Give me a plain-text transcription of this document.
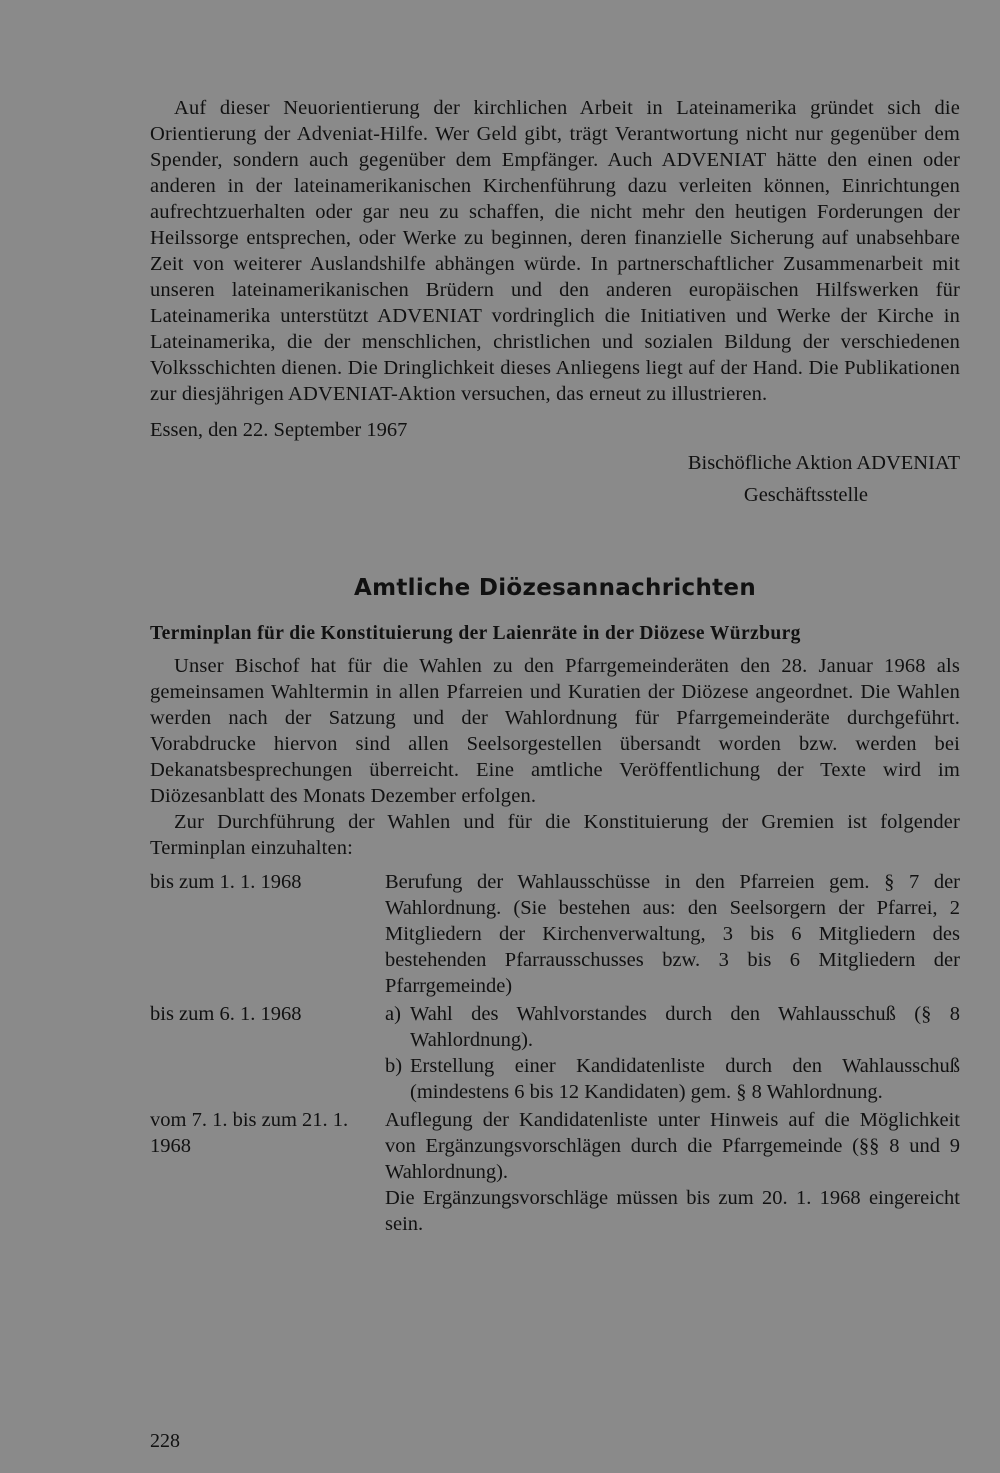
Auf dieser Neuorientierung der kirchlichen Arbeit in Lateinamerika gründet sich die Orientierung der Adveniat-Hilfe. Wer Geld gibt, trägt Verantwortung nicht nur gegenüber dem Spender, sondern auch gegenüber dem Empfänger. Auch ADVENIAT hätte den einen oder anderen in der lateinamerikanischen Kirchenführung dazu verleiten können, Einrichtungen aufrechtzuerhalten oder gar neu zu schaffen, die nicht mehr den heutigen Forderungen der Heilssorge entsprechen, oder Werke zu beginnen, deren finanzielle Sicherung auf unabsehbare Zeit von weiterer Auslandshilfe abhängen würde. In partnerschaftlicher Zusammenarbeit mit unseren lateinamerikanischen Brüdern und den anderen europäischen Hilfswerken für Lateinamerika unterstützt ADVENIAT vordringlich die Initiativen und Werke der Kirche in Lateinamerika, die der menschlichen, christlichen und sozialen Bildung der verschiedenen Volksschichten dienen. Die Dringlichkeit dieses Anliegens liegt auf der Hand. Die Publikationen zur diesjährigen ADVENIAT-Aktion versuchen, das erneut zu illustrieren.

Essen, den 22. September 1967
Bischöfliche Aktion ADVENIAT
Geschäftsstelle
Amtliche Diözesannachrichten
Terminplan für die Konstituierung der Laienräte in der Diözese Würzburg

Unser Bischof hat für die Wahlen zu den Pfarrgemeinderäten den 28. Januar 1968 als gemeinsamen Wahltermin in allen Pfarreien und Kuratien der Diözese angeordnet. Die Wahlen werden nach der Satzung und der Wahlordnung für Pfarrgemeinderäte durchgeführt. Vorabdrucke hiervon sind allen Seelsorgestellen übersandt worden bzw. werden bei Dekanatsbesprechungen überreicht. Eine amtliche Veröffentlichung der Texte wird im Diözesanblatt des Monats Dezember erfolgen.

Zur Durchführung der Wahlen und für die Konstituierung der Gremien ist folgender Terminplan einzuhalten:

bis zum 1. 1. 1968	Berufung der Wahlausschüsse in den Pfarreien gem. § 7 der Wahlordnung. (Sie bestehen aus: den Seelsorgern der Pfarrei, 2 Mitgliedern der Kirchenverwaltung, 3 bis 6 Mitgliedern des bestehenden Pfarrausschusses bzw. 3 bis 6 Mitgliedern der Pfarrgemeinde)
bis zum 6. 1. 1968	a) Wahl des Wahlvorstandes durch den Wahlausschuß (§ 8 Wahlordnung).
b) Erstellung einer Kandidatenliste durch den Wahlausschuß (mindestens 6 bis 12 Kandidaten) gem. § 8 Wahlordnung.
vom 7. 1. bis zum 21. 1. 1968
Auflegung der Kandidatenliste unter Hinweis auf die Möglichkeit von Ergänzungsvorschlägen durch die Pfarrgemeinde (§§ 8 und 9 Wahlordnung).
Die Ergänzungsvorschläge müssen bis zum 20. 1. 1968 eingereicht sein.
228
